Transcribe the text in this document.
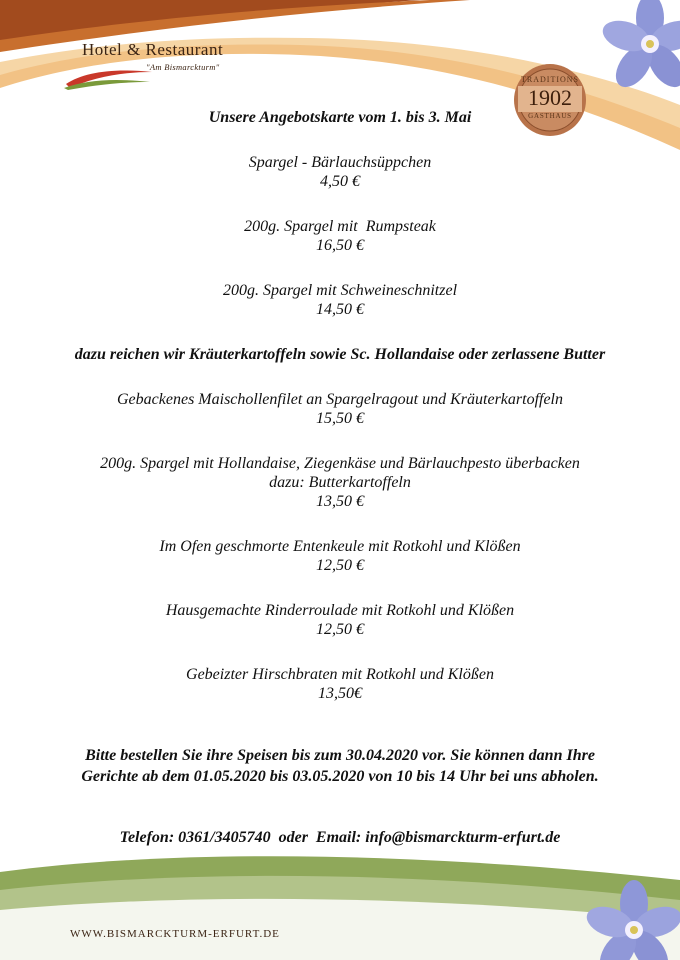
Hotel & Restaurant
"Am Bismarckturm"
TRADITIONS
1902
GASTHAUS
Unsere Angebotskarte vom 1. bis 3. Mai
Spargel - Bärlauchsüppchen
4,50 €
200g. Spargel mit  Rumpsteak
16,50 €
200g. Spargel mit Schweineschnitzel
14,50 €
dazu reichen wir Kräuterkartoffeln sowie Sc. Hollandaise oder zerlassene Butter
Gebackenes Maischollenfilet an Spargelragout und Kräuterkartoffeln
15,50 €
200g. Spargel mit Hollandaise, Ziegenkäse und Bärlauchpesto überbacken
dazu: Butterkartoffeln
13,50 €
Im Ofen geschmorte Entenkeule mit Rotkohl und Klößen
12,50 €
Hausgemachte Rinderroulade mit Rotkohl und Klößen
12,50 €
Gebeizter Hirschbraten mit Rotkohl und Klößen
13,50€
Bitte bestellen Sie ihre Speisen bis zum 30.04.2020 vor. Sie können dann Ihre
Gerichte ab dem 01.05.2020 bis 03.05.2020 von 10 bis 14 Uhr bei uns abholen.
Telefon: 0361/3405740  oder  Email: info@bismarckturm-erfurt.de
WWW.BISMARCKTURM-ERFURT.DE
